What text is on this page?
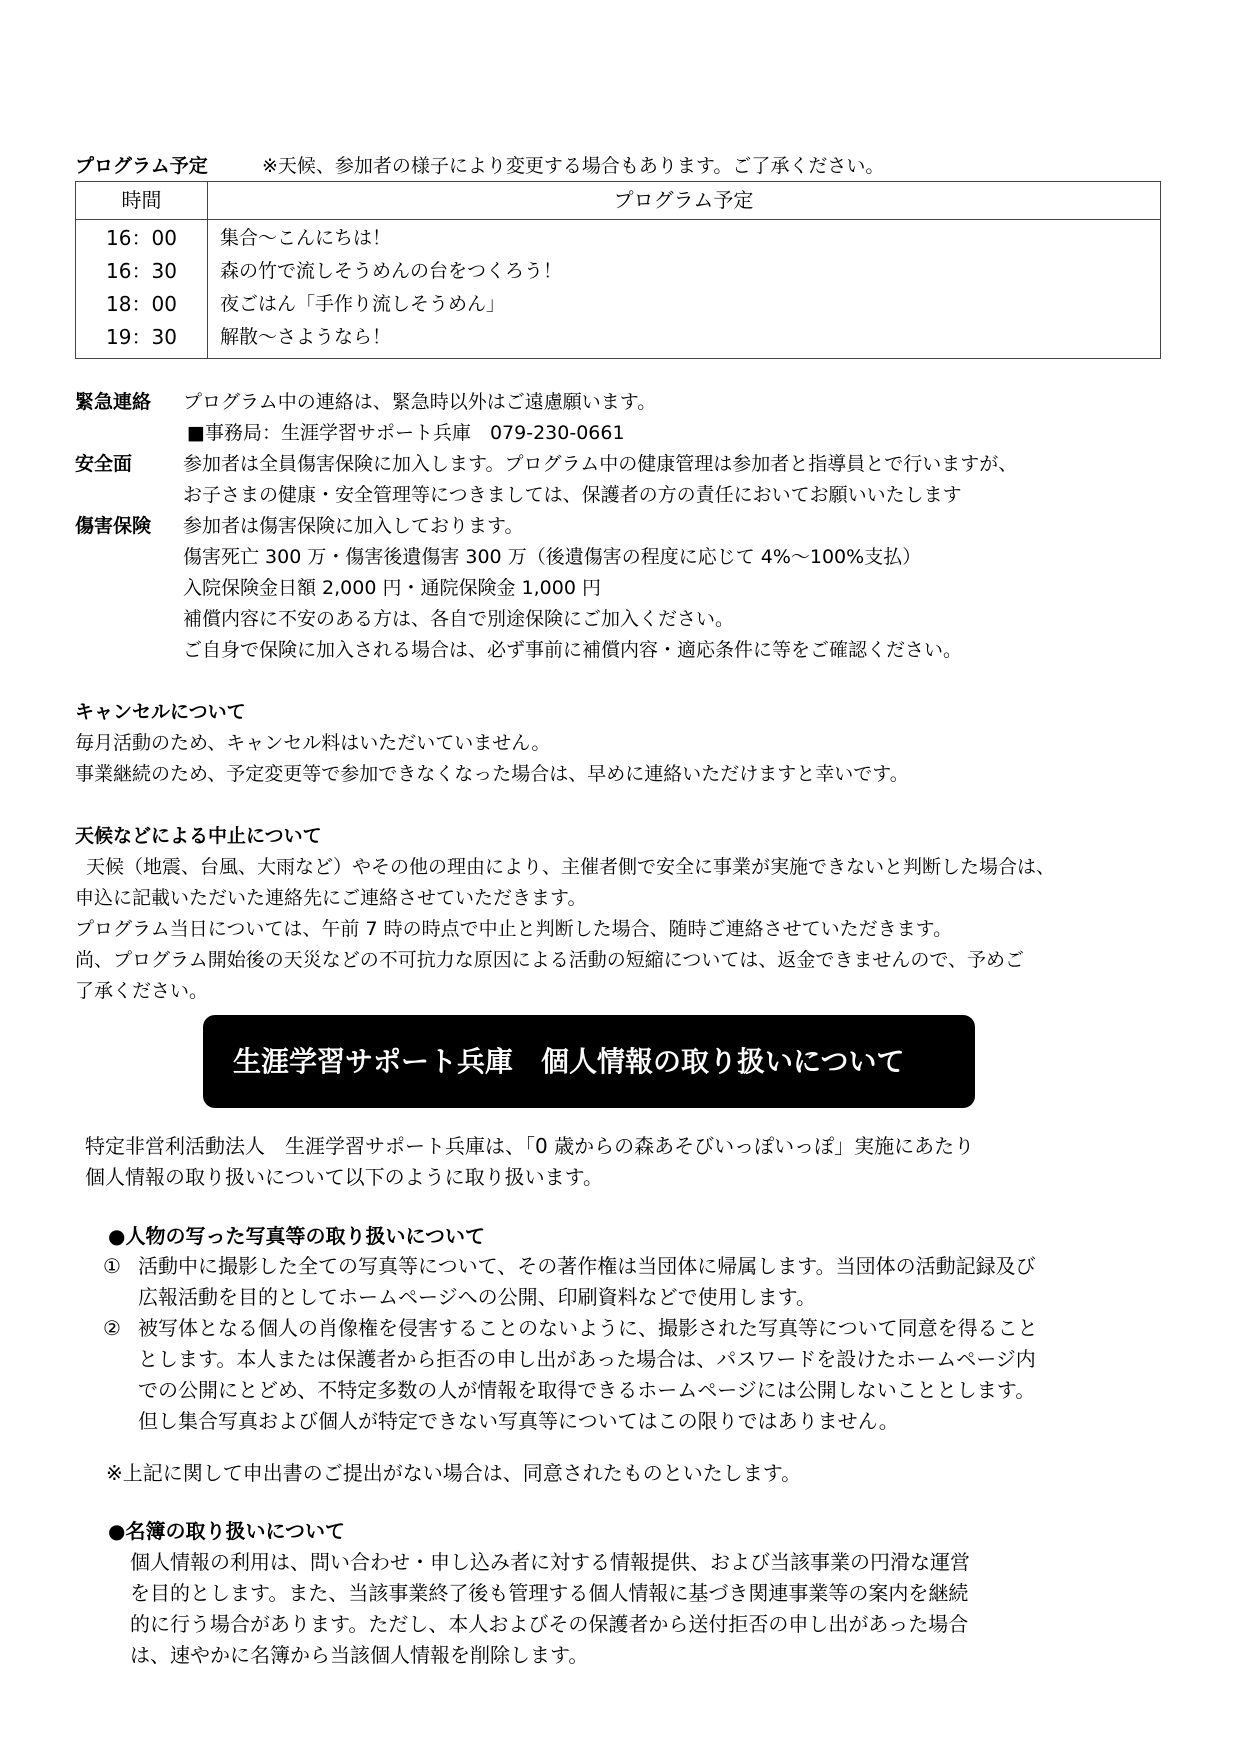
プログラム予定	※天候、参加者の様子により変更する場合もあります。ご了承ください。
時間	プログラム予定
16：00	集合～こんにちは！
16：30	森の竹で流しそうめんの台をつくろう！
18：00	夜ごはん「手作り流しそうめん」
19：30	解散～さようなら！
緊急連絡 プログラム中の連絡は、緊急時以外はご遠慮願います。
■事務局：生涯学習サポート兵庫　079-230-0661
安全面	参加者は全員傷害保険に加入します。プログラム中の健康管理は参加者と指導員とで行いますが、
お子さまの健康・安全管理等につきましては、保護者の方の責任においてお願いいたします
傷害保険 参加者は傷害保険に加入しております。
傷害死亡 300 万・傷害後遺傷害 300 万（後遺傷害の程度に応じて 4%～100%支払）
入院保険金日額 2,000 円・通院保険金 1,000 円
補償内容に不安のある方は、各自で別途保険にご加入ください。
ご自身で保険に加入される場合は、必ず事前に補償内容・適応条件に等をご確認ください。
キャンセルについて
毎月活動のため、キャンセル料はいただいていません。
事業継続のため、予定変更等で参加できなくなった場合は、早めに連絡いただけますと幸いです。
天候などによる中止について
天候（地震、台風、大雨など）やその他の理由により、主催者側で安全に事業が実施できないと判断した場合は、
申込に記載いただいた連絡先にご連絡させていただきます。
プログラム当日については、午前 7 時の時点で中止と判断した場合、随時ご連絡させていただきます。
尚、プログラム開始後の天災などの不可抗力な原因による活動の短縮については、返金できませんので、予めご
了承ください。
生涯学習サポート兵庫　個人情報の取り扱いについて
特定非営利活動法人　生涯学習サポート兵庫は、「0 歳からの森あそびいっぽいっぽ」実施にあたり
個人情報の取り扱いについて以下のように取り扱います。
●人物の写った写真等の取り扱いについて
① 活動中に撮影した全ての写真等について、その著作権は当団体に帰属します。当団体の活動記録及び
広報活動を目的としてホームページへの公開、印刷資料などで使用します。
② 被写体となる個人の肖像権を侵害することのないように、撮影された写真等について同意を得ること
とします。本人または保護者から拒否の申し出があった場合は、パスワードを設けたホームページ内
での公開にとどめ、不特定多数の人が情報を取得できるホームページには公開しないこととします。
但し集合写真および個人が特定できない写真等についてはこの限りではありません。
※上記に関して申出書のご提出がない場合は、同意されたものといたします。
●名簿の取り扱いについて
個人情報の利用は、問い合わせ・申し込み者に対する情報提供、および当該事業の円滑な運営
を目的とします。また、当該事業終了後も管理する個人情報に基づき関連事業等の案内を継続
的に行う場合があります。ただし、本人およびその保護者から送付拒否の申し出があった場合
は、速やかに名簿から当該個人情報を削除します。
